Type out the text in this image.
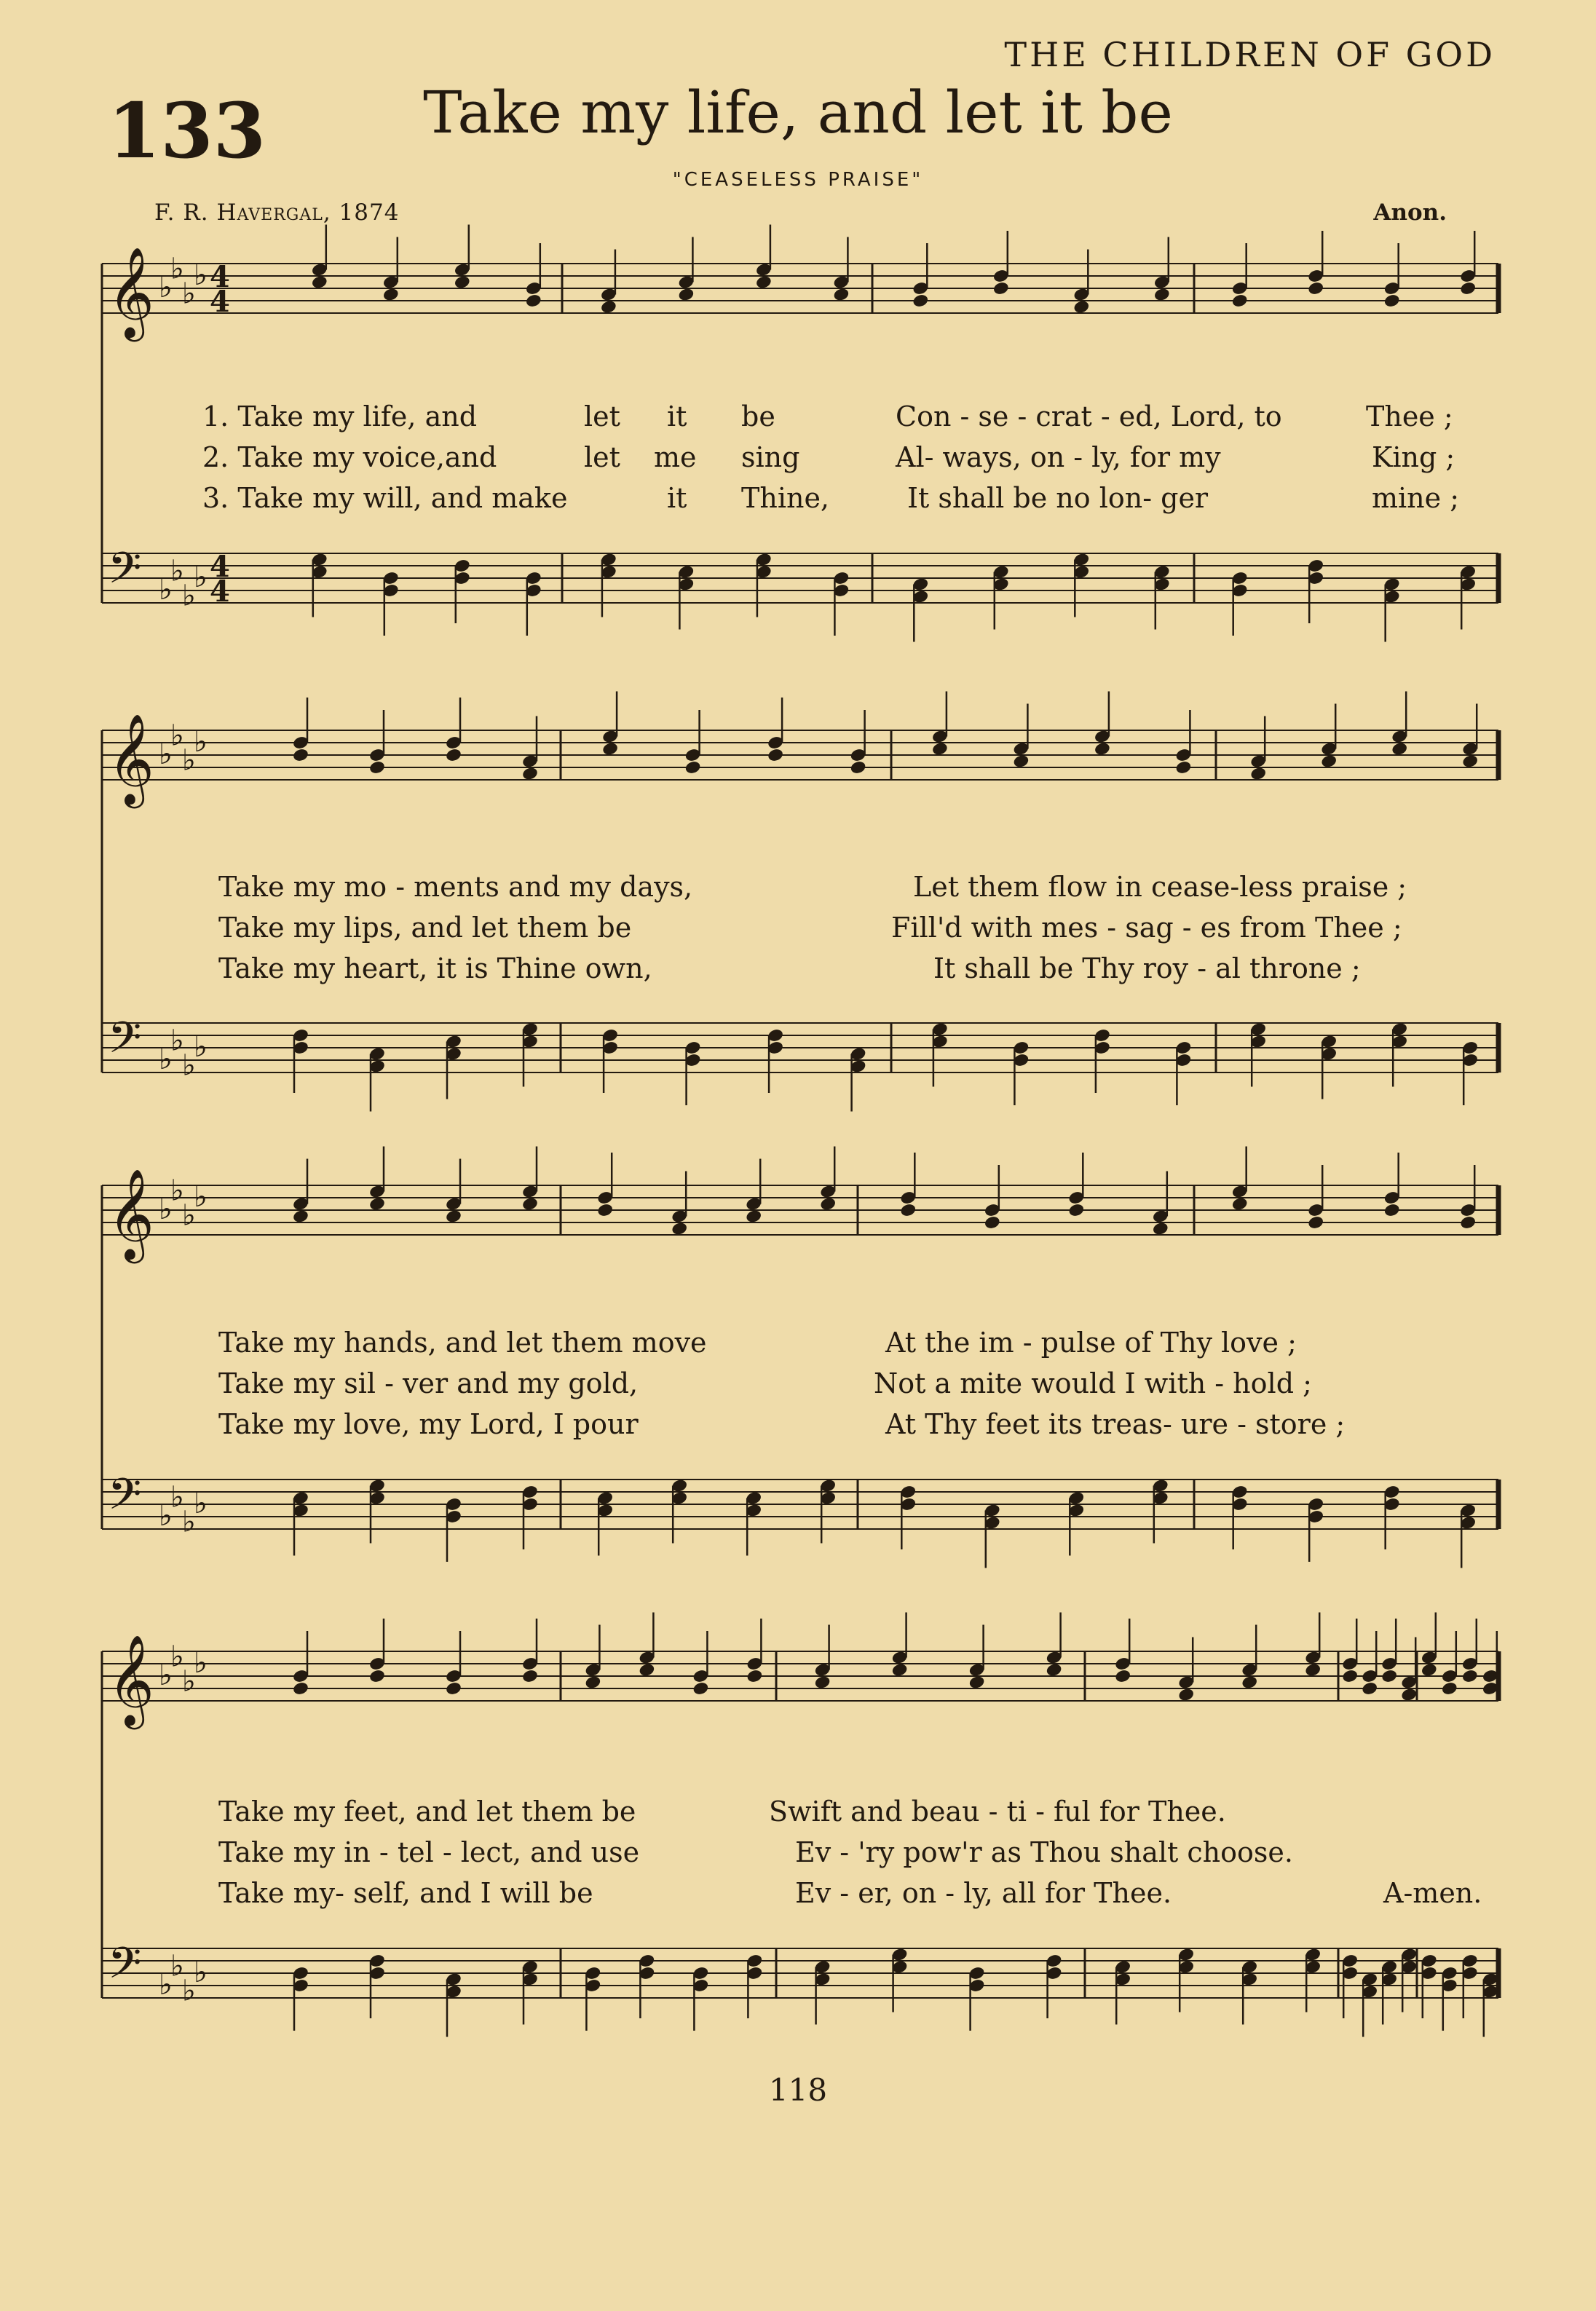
THE CHILDREN OF GOD
133	Take my life, and let it be
"CEASELESS PRAISE"
F. R. Havergal, 1874	Anon.
𝄞 ♭
♭
♭
♭ 4
4
𝄢 ♭
♭
♭
♭ 4
4
𝄞 ♭
♭
♭
♭
𝄢 ♭
♭
♭
♭
𝄞 ♭
♭
♭
♭
𝄢 ♭
♭
♭
♭
𝄞 ♭
♭
♭
♭
𝄢 ♭
♭
♭
♭
1. Take my life, and	let it be	Con - se - crat - ed, Lord, to	Thee ;
2. Take my voice,and	let me sing	Al- ways, on - ly, for my	King ;
3. Take my will, and make	it Thine,	It shall be no lon- ger	mine ;
Take my mo - ments and my days,	Let them flow in cease-less praise ;
Take my lips, and let them be	Fill'd with mes - sag - es from Thee ;
Take my heart, it is Thine own,	It shall be Thy roy - al throne ;
Take my hands, and let them move	At the im - pulse of Thy love ;
Take my sil - ver and my gold,	Not a mite would I with - hold ;
Take my love, my Lord, I pour	At Thy feet its treas- ure - store ;
Take my feet, and let them be	Swift and beau - ti - ful for Thee.
Take my in - tel - lect, and use	Ev - 'ry pow'r as Thou shalt choose.
Take my- self, and I will be	Ev - er, on - ly, all for Thee.	A-men.
118
